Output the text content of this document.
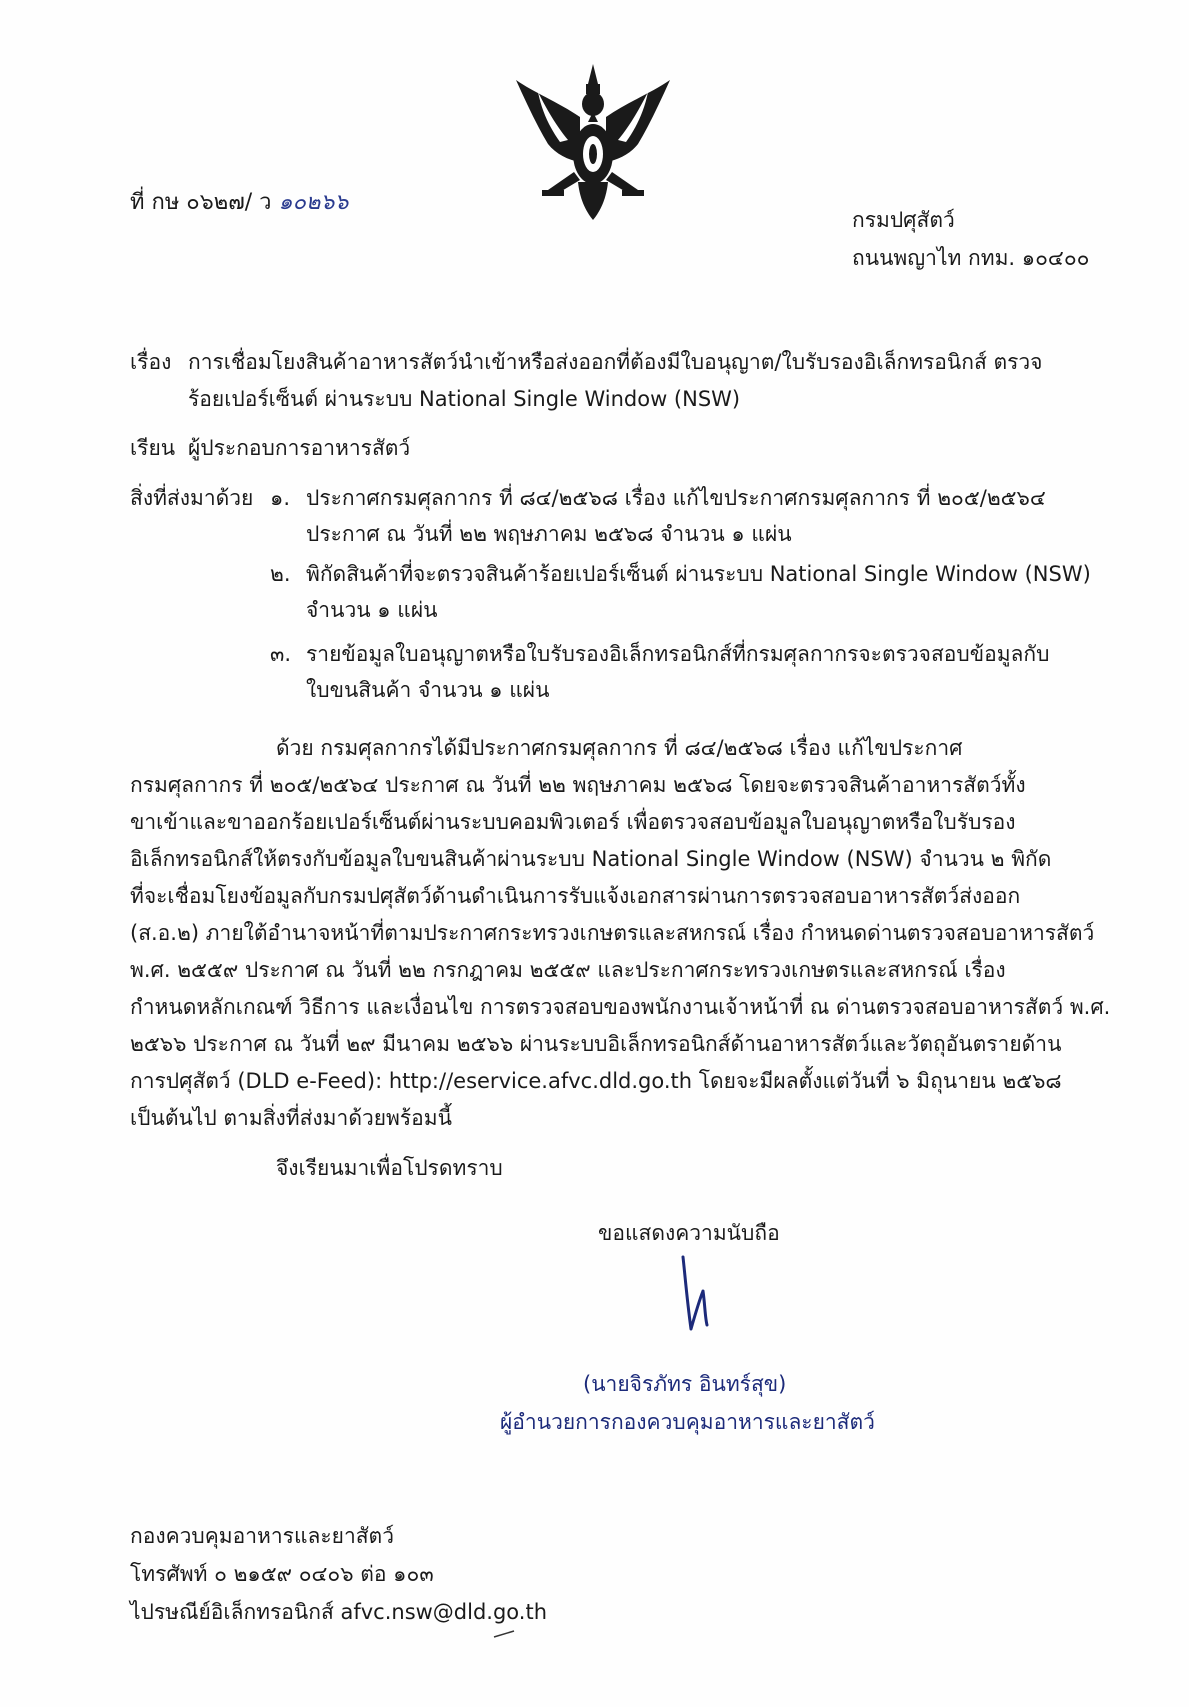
ที่ กษ ๐๖๒๗/ ว ๑๐๒๖๖
กรมปศุสัตว์
ถนนพญาไท กทม. ๑๐๔๐๐
เรื่อง การเชื่อมโยงสินค้าอาหารสัตว์นำเข้าหรือส่งออกที่ต้องมีใบอนุญาต/ใบรับรองอิเล็กทรอนิกส์ ตรวจ
ร้อยเปอร์เซ็นต์ ผ่านระบบ National Single Window (NSW)
เรียน ผู้ประกอบการอาหารสัตว์
สิ่งที่ส่งมาด้วย ๑. ประกาศกรมศุลกากร ที่ ๘๔/๒๕๖๘ เรื่อง แก้ไขประกาศกรมศุลกากร ที่ ๒๐๕/๒๕๖๔
ประกาศ ณ วันที่ ๒๒ พฤษภาคม ๒๕๖๘ จำนวน ๑ แผ่น
๒. พิกัดสินค้าที่จะตรวจสินค้าร้อยเปอร์เซ็นต์ ผ่านระบบ National Single Window (NSW)
จำนวน ๑ แผ่น
๓. รายข้อมูลใบอนุญาตหรือใบรับรองอิเล็กทรอนิกส์ที่กรมศุลกากรจะตรวจสอบข้อมูลกับ
ใบขนสินค้า จำนวน ๑ แผ่น
ด้วย กรมศุลกากรได้มีประกาศกรมศุลกากร ที่ ๘๔/๒๕๖๘ เรื่อง แก้ไขประกาศ
กรมศุลกากร ที่ ๒๐๕/๒๕๖๔ ประกาศ ณ วันที่ ๒๒ พฤษภาคม ๒๕๖๘ โดยจะตรวจสินค้าอาหารสัตว์ทั้ง
ขาเข้าและขาออกร้อยเปอร์เซ็นต์ผ่านระบบคอมพิวเตอร์ เพื่อตรวจสอบข้อมูลใบอนุญาตหรือใบรับรอง
อิเล็กทรอนิกส์ให้ตรงกับข้อมูลใบขนสินค้าผ่านระบบ National Single Window (NSW) จำนวน ๒ พิกัด
ที่จะเชื่อมโยงข้อมูลกับกรมปศุสัตว์ด้านดำเนินการรับแจ้งเอกสารผ่านการตรวจสอบอาหารสัตว์ส่งออก
(ส.อ.๒) ภายใต้อำนาจหน้าที่ตามประกาศกระทรวงเกษตรและสหกรณ์ เรื่อง กำหนดด่านตรวจสอบอาหารสัตว์
พ.ศ. ๒๕๕๙ ประกาศ ณ วันที่ ๒๒ กรกฎาคม ๒๕๕๙ และประกาศกระทรวงเกษตรและสหกรณ์ เรื่อง
กำหนดหลักเกณฑ์ วิธีการ และเงื่อนไข การตรวจสอบของพนักงานเจ้าหน้าที่ ณ ด่านตรวจสอบอาหารสัตว์ พ.ศ.
๒๕๖๖ ประกาศ ณ วันที่ ๒๙ มีนาคม ๒๕๖๖ ผ่านระบบอิเล็กทรอนิกส์ด้านอาหารสัตว์และวัตถุอันตรายด้าน
การปศุสัตว์ (DLD e-Feed): http://eservice.afvc.dld.go.th โดยจะมีผลตั้งแต่วันที่ ๖ มิถุนายน ๒๕๖๘
เป็นต้นไป ตามสิ่งที่ส่งมาด้วยพร้อมนี้
จึงเรียนมาเพื่อโปรดทราบ
ขอแสดงความนับถือ
(นายจิรภัทร อินทร์สุข)
ผู้อำนวยการกองควบคุมอาหารและยาสัตว์
กองควบคุมอาหารและยาสัตว์
โทรศัพท์ ๐ ๒๑๕๙ ๐๔๐๖ ต่อ ๑๐๓
ไปรษณีย์อิเล็กทรอนิกส์ afvc.nsw@dld.go.th
